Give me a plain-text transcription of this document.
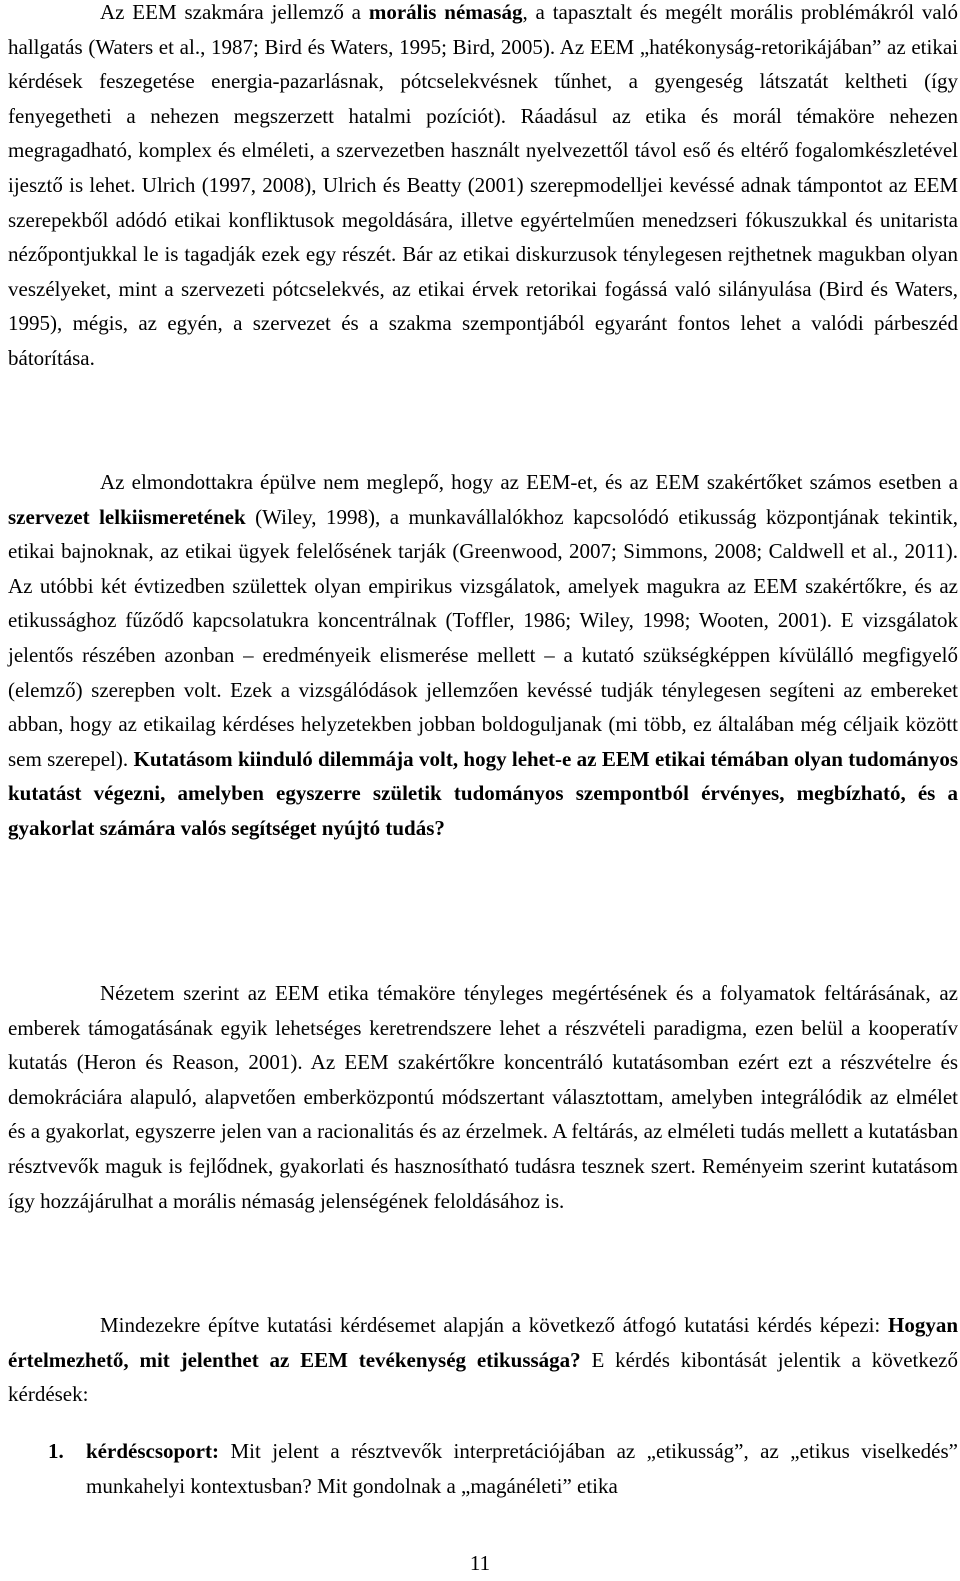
Az EEM szakmára jellemző a morális némaság, a tapasztalt és megélt morális problémákról való hallgatás (Waters et al., 1987; Bird és Waters, 1995; Bird, 2005). Az EEM „hatékonyság-retorikájában” az etikai kérdések feszegetése energia-pazarlásnak, pótcselekvésnek tűnhet, a gyengeség látszatát keltheti (így fenyegetheti a nehezen megszerzett hatalmi pozíciót). Ráadásul az etika és morál témaköre nehezen megragadható, komplex és elméleti, a szervezetben használt nyelvezettől távol eső és eltérő fogalomkészletével ijesztő is lehet. Ulrich (1997, 2008), Ulrich és Beatty (2001) szerepmodelljei kevéssé adnak támpontot az EEM szerepekből adódó etikai konfliktusok megoldására, illetve egyértelműen menedzseri fókuszukkal és unitarista nézőpontjukkal le is tagadják ezek egy részét. Bár az etikai diskurzusok ténylegesen rejthetnek magukban olyan veszélyeket, mint a szervezeti pótcselekvés, az etikai érvek retorikai fogássá való silányulása (Bird és Waters, 1995), mégis, az egyén, a szervezet és a szakma szempontjából egyaránt fontos lehet a valódi párbeszéd bátorítása.

Az elmondottakra épülve nem meglepő, hogy az EEM-et, és az EEM szakértőket számos esetben a szervezet lelkiismeretének (Wiley, 1998), a munkavállalókhoz kapcsolódó etikusság központjának tekintik, etikai bajnoknak, az etikai ügyek felelősének tarják (Greenwood, 2007; Simmons, 2008; Caldwell et al., 2011). Az utóbbi két évtizedben születtek olyan empirikus vizsgálatok, amelyek magukra az EEM szakértőkre, és az etikussághoz fűződő kapcsolatukra koncentrálnak (Toffler, 1986; Wiley, 1998; Wooten, 2001). E vizsgálatok jelentős részében azonban – eredményeik elismerése mellett – a kutató szükségképpen kívülálló megfigyelő (elemző) szerepben volt. Ezek a vizsgálódások jellemzően kevéssé tudják ténylegesen segíteni az embereket abban, hogy az etikailag kérdéses helyzetekben jobban boldoguljanak (mi több, ez általában még céljaik között sem szerepel). Kutatásom kiinduló dilemmája volt, hogy lehet-e az EEM etikai témában olyan tudományos kutatást végezni, amelyben egyszerre születik tudományos szempontból érvényes, megbízható, és a gyakorlat számára valós segítséget nyújtó tudás?

Nézetem szerint az EEM etika témaköre tényleges megértésének és a folyamatok feltárásának, az emberek támogatásának egyik lehetséges keretrendszere lehet a részvételi paradigma, ezen belül a kooperatív kutatás (Heron és Reason, 2001). Az EEM szakértőkre koncentráló kutatásomban ezért ezt a részvételre és demokráciára alapuló, alapvetően emberközpontú módszertant választottam, amelyben integrálódik az elmélet és a gyakorlat, egyszerre jelen van a racionalitás és az érzelmek. A feltárás, az elméleti tudás mellett a kutatásban résztvevők maguk is fejlődnek, gyakorlati és hasznosítható tudásra tesznek szert. Reményeim szerint kutatásom így hozzájárulhat a morális némaság jelenségének feloldásához is.

Mindezekre építve kutatási kérdésemet alapján a következő átfogó kutatási kérdés képezi: Hogyan értelmezhető, mit jelenthet az EEM tevékenység etikussága? E kérdés kibontását jelentik a következő kérdések:

1. kérdéscsoport: Mit jelent a résztvevők interpretációjában az „etikusság”, az „etikus viselkedés” munkahelyi kontextusban? Mit gondolnak a „magánéleti” etika
11
